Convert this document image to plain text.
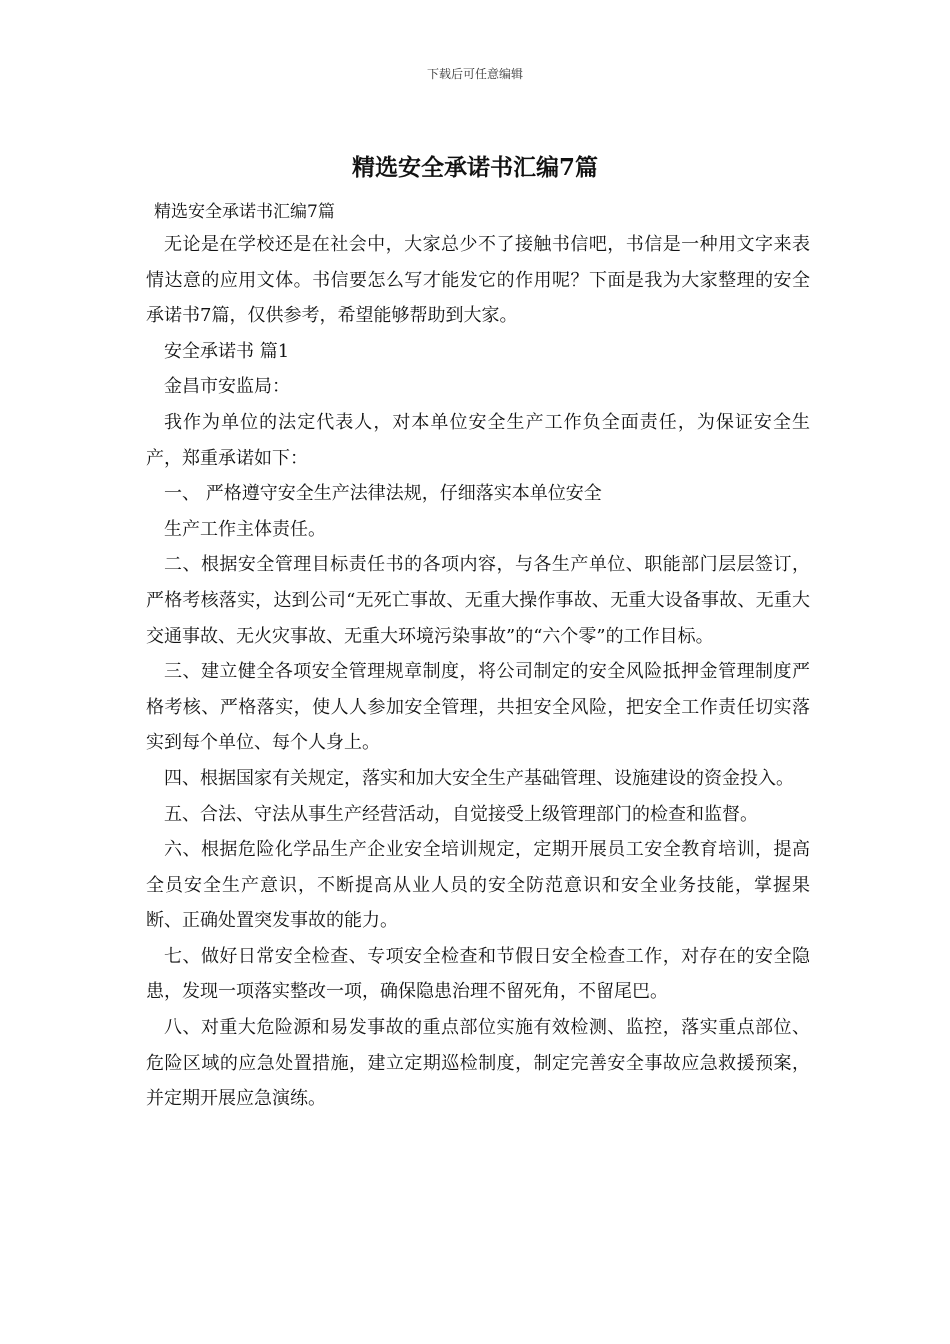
下载后可任意编辑
精选安全承诺书汇编7篇
精选安全承诺书汇编7篇

无论是在学校还是在社会中，大家总少不了接触书信吧，书信是一种用文字来表情达意的应用文体。书信要怎么写才能发它的作用呢？下面是我为大家整理的安全承诺书7篇，仅供参考，希望能够帮助到大家。

安全承诺书 篇1

金昌市安监局：

我作为单位的法定代表人，对本单位安全生产工作负全面责任，为保证安全生产，郑重承诺如下：

一、 严格遵守安全生产法律法规，仔细落实本单位安全

生产工作主体责任。

二、根据安全管理目标责任书的各项内容，与各生产单位、职能部门层层签订，严格考核落实，达到公司“无死亡事故、无重大操作事故、无重大设备事故、无重大交通事故、无火灾事故、无重大环境污染事故”的“六个零”的工作目标。

三、建立健全各项安全管理规章制度，将公司制定的安全风险抵押金管理制度严格考核、严格落实，使人人参加安全管理，共担安全风险，把安全工作责任切实落实到每个单位、每个人身上。

四、根据国家有关规定，落实和加大安全生产基础管理、设施建设的资金投入。

五、合法、守法从事生产经营活动，自觉接受上级管理部门的检查和监督。

六、根据危险化学品生产企业安全培训规定，定期开展员工安全教育培训，提高全员安全生产意识，不断提高从业人员的安全防范意识和安全业务技能，掌握果断、正确处置突发事故的能力。

七、做好日常安全检查、专项安全检查和节假日安全检查工作，对存在的安全隐患，发现一项落实整改一项，确保隐患治理不留死角，不留尾巴。

八、对重大危险源和易发事故的重点部位实施有效检测、监控，落实重点部位、危险区域的应急处置措施，建立定期巡检制度，制定完善安全事故应急救援预案，并定期开展应急演练。
